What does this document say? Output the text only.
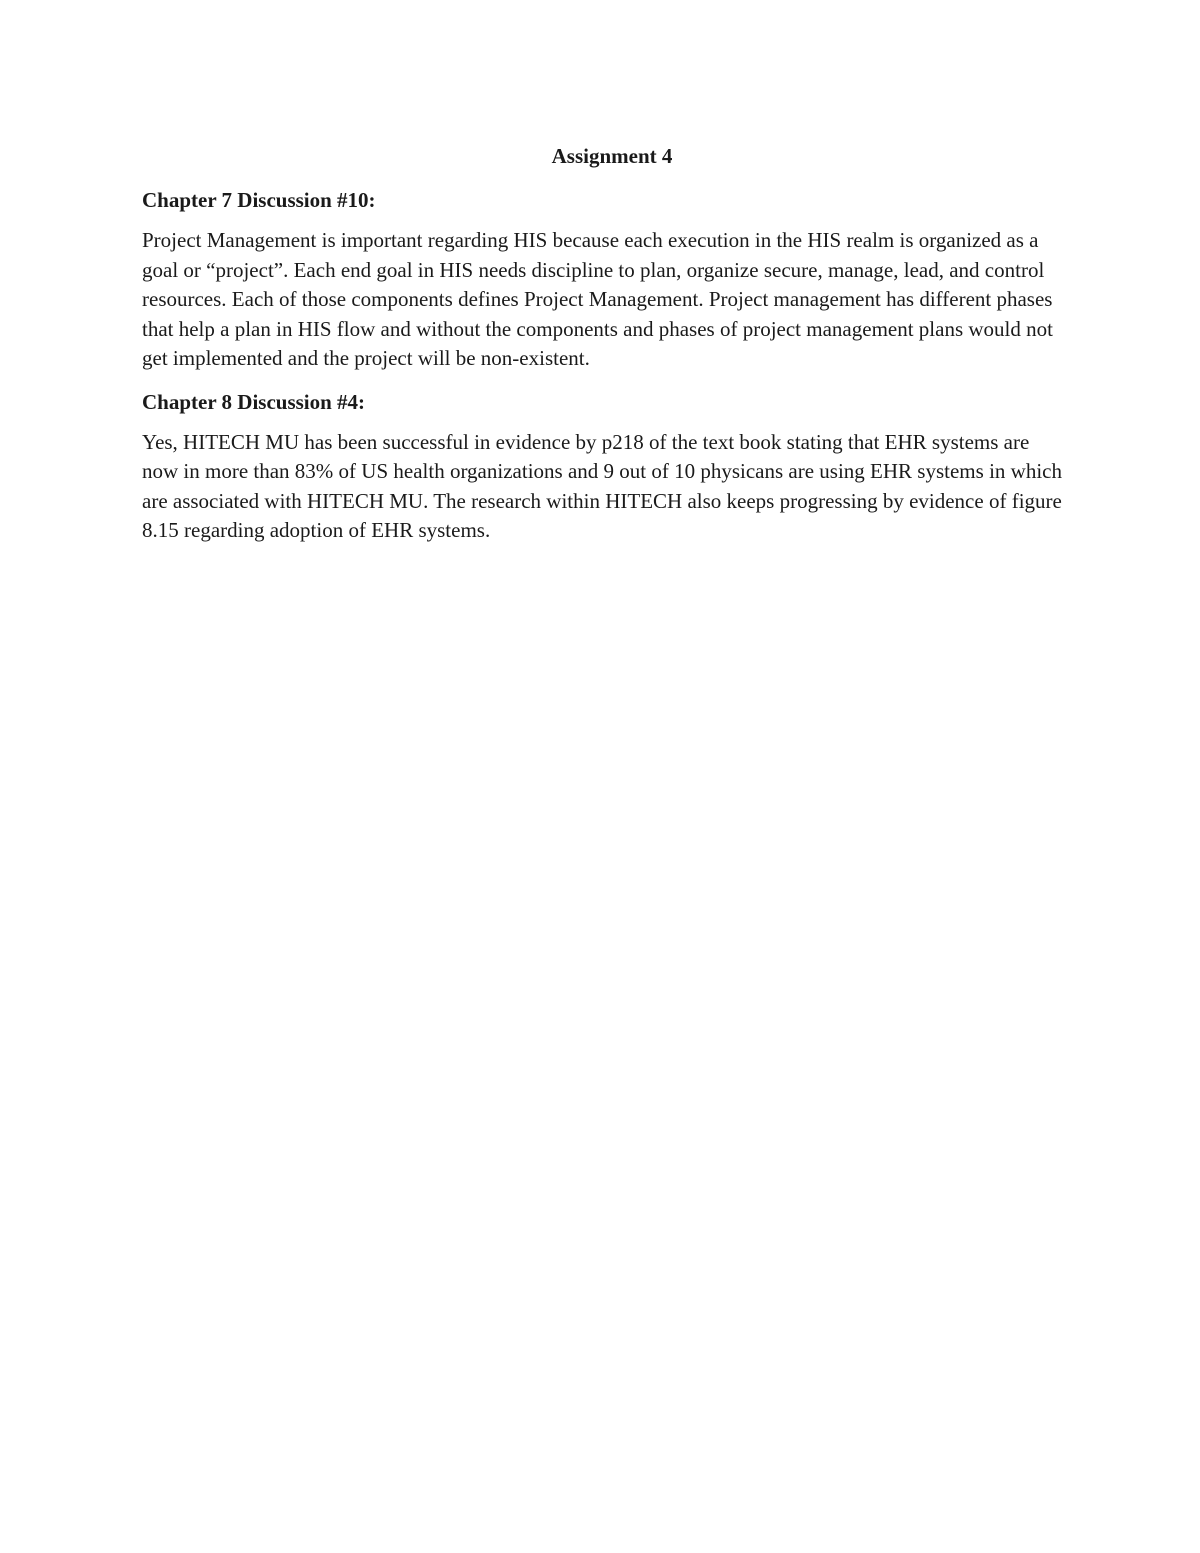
Assignment 4
Chapter 7 Discussion #10:
Project Management is important regarding HIS because each execution in the HIS realm is organized as a goal or “project”. Each end goal in HIS needs discipline to plan, organize secure, manage, lead, and control resources. Each of those components defines Project Management. Project management has different phases that help a plan in HIS flow and without the components and phases of project management plans would not get implemented and the project will be non-existent.
Chapter 8 Discussion #4:
Yes, HITECH MU has been successful in evidence by p218 of the text book stating that EHR systems are now in more than 83% of US health organizations and 9 out of 10 physicans are using EHR systems in which are associated with HITECH MU. The research within HITECH also keeps progressing by evidence of figure 8.15 regarding adoption of EHR systems.
